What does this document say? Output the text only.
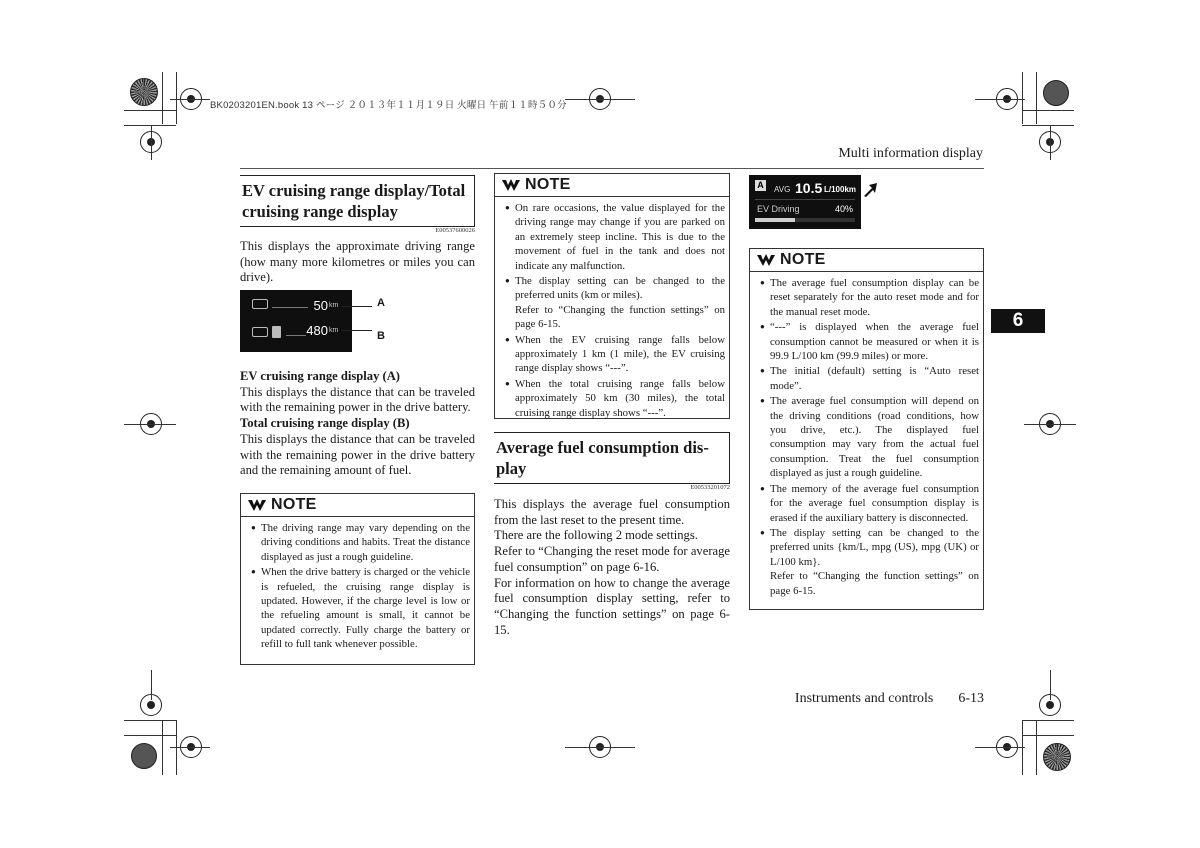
BK0203201EN.book 13 ページ ２０１３年１１月１９日 火曜日 午前１１時５０分
Multi information display
6
EV cruising range display/Total
cruising range display
E00537600026
This displays the approximate driving range (how many more kilometres or miles you can drive).
50 km
480 km
A
B

EV cruising range display (A)

This displays the distance that can be traveled with the remaining power in the drive battery.

Total cruising range display (B)

This displays the distance that can be traveled with the remaining power in the drive battery and the remaining amount of fuel.

NOTE
● The driving range may vary depending on the driving conditions and habits. Treat the distance displayed as just a rough guideline.
● When the drive battery is charged or the vehicle is refueled, the cruising range display is updated. However, if the charge level is low or the refueling amount is small, it cannot be updated correctly. Fully charge the battery or refill to full tank whenever possible.
NOTE
● On rare occasions, the value displayed for the driving range may change if you are parked on an extremely steep incline. This is due to the movement of fuel in the tank and does not indicate any malfunction.
● The display setting can be changed to the preferred units (km or miles).
Refer to “Changing the function settings” on page 6-15.
● When the EV cruising range falls below approximately 1 km (1 mile), the EV cruising range display shows “---”.
● When the total cruising range falls below approximately 50 km (30 miles), the total cruising range display shows “---”.
Average fuel consumption dis-
play
E00533201072

This displays the average fuel consumption from the last reset to the present time.

There are the following 2 mode settings.

Refer to “Changing the reset mode for average fuel consumption” on page 6-16.

For information on how to change the average fuel consumption display setting, refer to “Changing the function settings” on page 6-15.

A AVG 10.5 L/100km
EV Driving	40%
NOTE
● The average fuel consumption display can be reset separately for the auto reset mode and for the manual reset mode.
● “---” is displayed when the average fuel consumption cannot be measured or when it is 99.9 L/100 km (99.9 miles) or more.
● The initial (default) setting is “Auto reset mode”.
● The average fuel consumption will depend on the driving conditions (road conditions, how you drive, etc.). The displayed fuel consumption may vary from the actual fuel consumption. Treat the fuel consumption displayed as just a rough guideline.
● The memory of the average fuel consumption for the average fuel consumption display is erased if the auxiliary battery is disconnected.
● The display setting can be changed to the preferred units {km/L, mpg (US), mpg (UK) or L/100 km}.
Refer to “Changing the function settings” on page 6-15.
Instruments and controls 6-13
